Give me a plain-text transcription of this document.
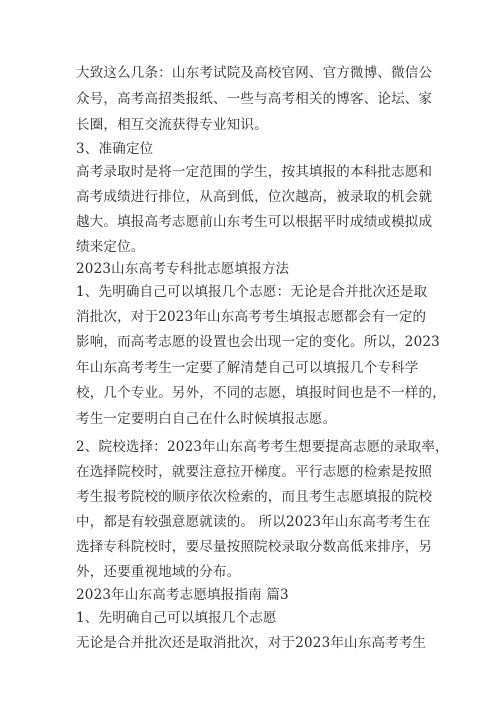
大致这么几条：山东考试院及高校官网、官方微博、微信公
众号，高考高招类报纸、一些与高考相关的博客、论坛、家
长圈，相互交流获得专业知识。
3、准确定位
高考录取时是将一定范围的学生，按其填报的本科批志愿和
高考成绩进行排位，从高到低，位次越高，被录取的机会就
越大。填报高考志愿前山东考生可以根据平时成绩或模拟成
绩来定位。
2023山东高考专科批志愿填报方法
1、先明确自己可以填报几个志愿：无论是合并批次还是取
消批次，对于2023年山东高考考生填报志愿都会有一定的
影响，而高考志愿的设置也会出现一定的变化。所以，2023
年山东高考考生一定要了解清楚自己可以填报几个专科学
校，几个专业。另外，不同的志愿，填报时间也是不一样的，
考生一定要明白自己在什么时候填报志愿。
2、院校选择：2023年山东高考考生想要提高志愿的录取率，
在选择院校时，就要注意拉开梯度。平行志愿的检索是按照
考生报考院校的顺序依次检索的，而且考生志愿填报的院校
中，都是有较强意愿就读的。 所以2023年山东高考考生在
选择专科院校时，要尽量按照院校录取分数高低来排序，另
外，还要重视地域的分布。
2023年山东高考志愿填报指南 篇3
1、先明确自己可以填报几个志愿
无论是合并批次还是取消批次，对于2023年山东高考考生
